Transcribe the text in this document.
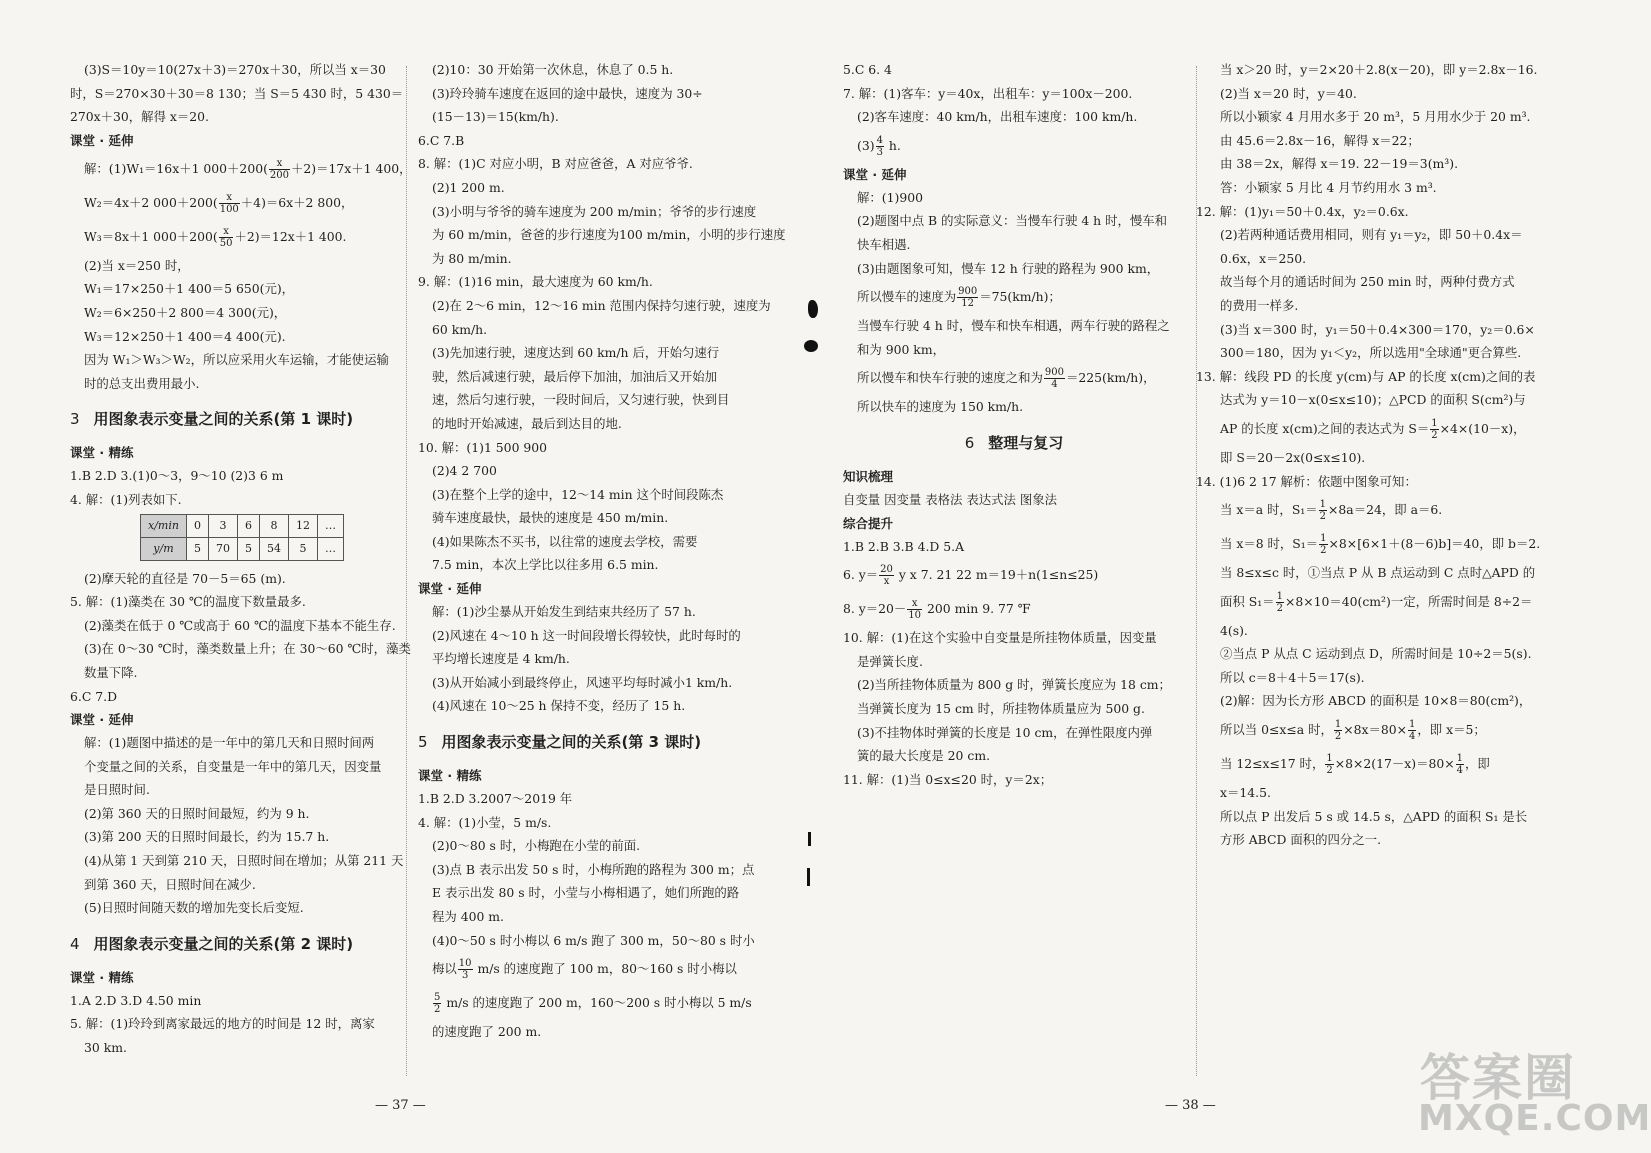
(3)S＝10y＝10(27x＋3)＝270x＋30，所以当 x＝30
时，S＝270×30＋30＝8 130；当 S＝5 430 时，5 430＝
270x＋30，解得 x＝20.
课堂 · 延伸
解：(1)W₁＝16x＋1 $000+200( \frac{x}{200} +2)=17x+1$ 400，
W₂＝4x＋2 $000+200( \frac{x}{100} +4)=6x+2$ 800，
W₃＝8x＋1 $000+200( \frac{x}{50} +2)=12x+1$ 400.
(2)当 x＝250 时，
W₁＝17×250＋1 400＝5 650(元)，
W₂＝6×250＋2 800＝4 300(元)，
W₃＝12×250＋1 400＝4 400(元).
因为 W₁＞W₃＞W₂，所以应采用火车运输，才能使运输
时的总支出费用最小.
3 用图象表示变量之间的关系(第 1 课时)
课堂 · 精练
1.B 2.D 3.(1)0～3，9～10 (2)3 6 m
4. 解：(1)列表如下.
x/min	0	3	6	8	12	…
y/m	5	70	5	54	5	…
(2)摩天轮的直径是 70－5＝65 (m).
5. 解：(1)藻类在 30 ℃的温度下数量最多.
(2)藻类在低于 0 ℃或高于 60 ℃的温度下基本不能生存.
(3)在 0～30 ℃时，藻类数量上升；在 30～60 ℃时，藻类
数量下降.
6.C 7.D
课堂 · 延伸
解：(1)题图中描述的是一年中的第几天和日照时间两
个变量之间的关系，自变量是一年中的第几天，因变量
是日照时间.
(2)第 360 天的日照时间最短，约为 9 h.
(3)第 200 天的日照时间最长，约为 15.7 h.
(4)从第 1 天到第 210 天，日照时间在增加；从第 211 天
到第 360 天，日照时间在减少.
(5)日照时间随天数的增加先变长后变短.
4 用图象表示变量之间的关系(第 2 课时)
课堂 · 精练
1.A 2.D 3.D 4.50 min
5. 解：(1)玲玲到离家最远的地方的时间是 12 时，离家
30 km.
(2)10：30 开始第一次休息，休息了 0.5 h.
(3)玲玲骑车速度在返回的途中最快，速度为 30÷
(15－13)＝15(km/h).
6.C 7.B
8. 解：(1)C 对应小明，B 对应爸爸，A 对应爷爷.
(2)1 200 m.
(3)小明与爷爷的骑车速度为 200 m/min；爷爷的步行速度
为 60 m/min，爸爸的步行速度为100 m/min，小明的步行速度
为 80 m/min.
9. 解：(1)16 min，最大速度为 60 km/h.
(2)在 2～6 min，12～16 min 范围内保持匀速行驶，速度为
60 km/h.
(3)先加速行驶，速度达到 60 km/h 后，开始匀速行
驶，然后减速行驶，最后停下加油，加油后又开始加
速，然后匀速行驶，一段时间后，又匀速行驶，快到目
的地时开始减速，最后到达目的地.
10. 解：(1)1 500 900
(2)4 2 700
(3)在整个上学的途中，12～14 min 这个时间段陈杰
骑车速度最快，最快的速度是 450 m/min.
(4)如果陈杰不买书，以往常的速度去学校，需要
7.5 min，本次上学比以往多用 6.5 min.
课堂 · 延伸
解：(1)沙尘暴从开始发生到结束共经历了 57 h.
(2)风速在 4～10 h 这一时间段增长得较快，此时每时的
平均增长速度是 4 km/h.
(3)从开始减小到最终停止，风速平均每时减小1 km/h.
(4)风速在 10～25 h 保持不变，经历了 15 h.
5 用图象表示变量之间的关系(第 3 课时)
课堂 · 精练
1.B 2.D 3.2007～2019 年
4. 解：(1)小莹，5 m/s.
(2)0～80 s 时，小梅跑在小莹的前面.
(3)点 B 表示出发 50 s 时，小梅所跑的路程为 300 m；点
E 表示出发 80 s 时，小莹与小梅相遇了，她们所跑的路
程为 400 m.
(4)0～50 s 时小梅以 6 m/s 跑了 300 m，50～80 s 时小
梅以 $\frac{10}{3} m/s$ 的速度跑了 100 m，80～160 s 时小梅以
$\frac{5}{2} m/s$ 的速度跑了 200 m，160～200 s 时小梅以 5 m/s
的速度跑了 200 m.
5.C 6. 4
7. 解：(1)客车：y＝40x，出租车：y＝100x－200.
(2)客车速度：40 km/h，出租车速度：100 km/h.
$(3) \frac{4}{3} h$.
课堂 · 延伸
解：(1)900
(2)题图中点 B 的实际意义：当慢车行驶 4 h 时，慢车和
快车相遇.
(3)由题图象可知，慢车 12 h 行驶的路程为 900 km，
所以慢车的速度为 $\frac{900}{12} =75(km/h)$；
当慢车行驶 4 h 时，慢车和快车相遇，两车行驶的路程之
和为 900 km，
所以慢车和快车行驶的速度之和为 $\frac{900}{4} =225(km/h)$，
所以快车的速度为 150 km/h.
6 整理与复习
知识梳理
自变量 因变量 表格法 表达式法 图象法
综合提升
1.B 2.B 3.B 4.D 5.A
6. $y= \frac{20}{x}$ y x 7. 21 22 m＝19＋n(1≤n≤25)
8. $y=20- \frac{x}{10} 200$ min 9. 77 ℉
10. 解：(1)在这个实验中自变量是所挂物体质量，因变量
是弹簧长度.
(2)当所挂物体质量为 800 g 时，弹簧长度应为 18 cm；
当弹簧长度为 15 cm 时，所挂物体质量应为 500 g.
(3)不挂物体时弹簧的长度是 10 cm，在弹性限度内弹
簧的最大长度是 20 cm.
11. 解：(1)当 0≤x≤20 时，y＝2x；
当 x＞20 时，y＝2×20＋2.8(x－20)，即 y＝2.8x－16.
(2)当 x＝20 时，y＝40.
所以小颖家 4 月用水多于 20 m³，5 月用水少于 20 m³.
由 45.6＝2.8x－16，解得 x＝22；
由 38＝2x，解得 x＝19. 22－19＝3(m³).
答：小颖家 5 月比 4 月节约用水 3 m³.
12. 解：(1)y₁＝50＋0.4x，y₂＝0.6x.
(2)若两种通话费用相同，则有 y₁＝y₂，即 50＋0.4x＝
0.6x，x＝250.
故当每个月的通话时间为 250 min 时，两种付费方式
的费用一样多.
(3)当 x＝300 时，y₁＝50＋0.4×300＝170，y₂＝0.6×
300＝180，因为 y₁＜y₂，所以选用"全球通"更合算些.
13. 解：线段 PD 的长度 y(cm)与 AP 的长度 x(cm)之间的表
达式为 y＝10－x(0≤x≤10)；△PCD 的面积 S(cm²)与
AP 的长度 x(cm)之间的表达式为 $S= \frac{1}{2} \times 4\times(10-x)$，
即 S＝20－2x(0≤x≤10).
14. (1)6 2 17 解析：依题中图象可知：
当 x＝a 时，$S_1= \frac{1}{2} \times 8a=24$，即 a＝6.
当 x＝8 时，$S_1= \frac{1}{2} \times 8\times[6\times 1+(8-6)b]=40$，即 b＝2.
当 8≤x≤c 时，①当点 P 从 B 点运动到 C 点时△APD 的
面积 $S_1= \frac{1}{2} \times 8\times 10=40(cm^2)$一定，所需时间是 8÷2＝
4(s).
②当点 P 从点 C 运动到点 D，所需时间是 10÷2＝5(s).
所以 c＝8＋4＋5＝17(s).
(2)解：因为长方形 ABCD 的面积是 10×8＝80(cm²)，
所以当 0≤x≤a 时， $\frac{1}{2} \times 8x=80\times \frac{1}{4}$ ，即 x＝5；
当 12≤x≤17 时， $\frac{1}{2} \times 8\times 2(17-x)=80\times \frac{1}{4}$ ，即
x＝14.5.
所以点 P 出发后 5 s 或 14.5 s，△APD 的面积 S₁ 是长
方形 ABCD 面积的四分之一.
— 37 —	— 38 —	答案圈
MXQE.COM
